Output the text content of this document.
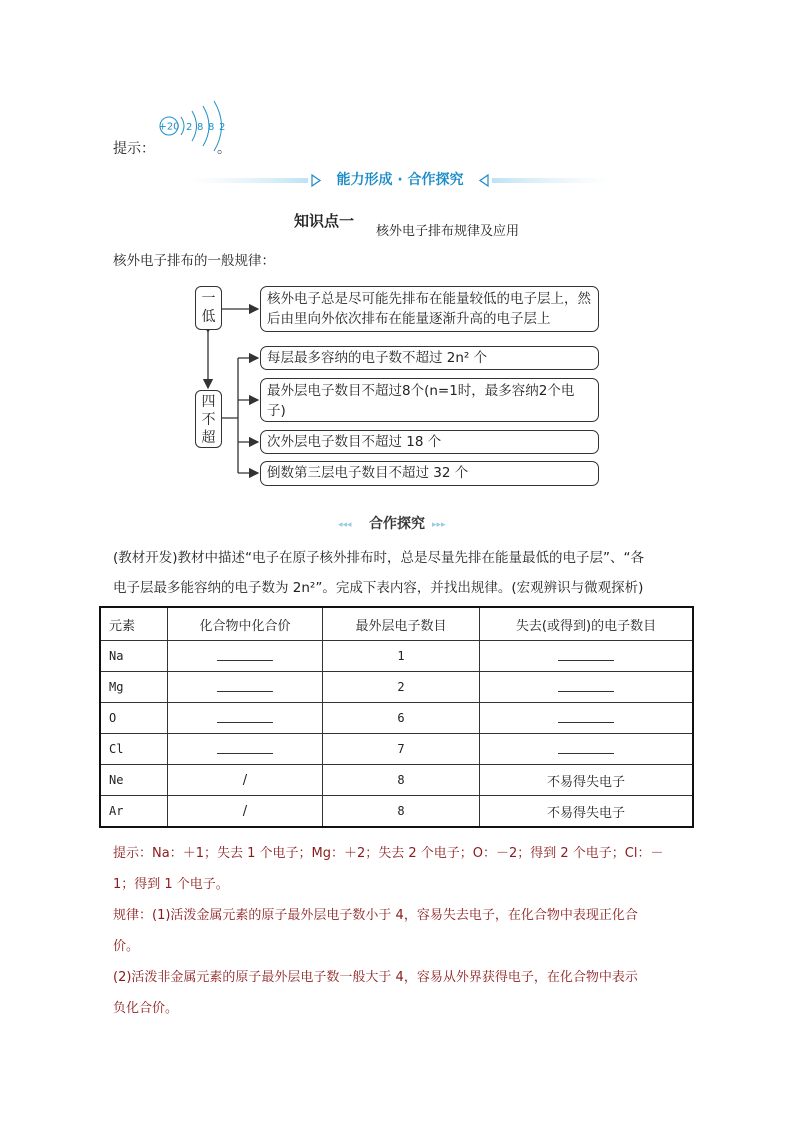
提示：	。
+20 2 8 8 2
能力形成 · 合作探究
知识点一
核外电子排布规律及应用
核外电子排布的一般规律：
一
低
核外电子总是尽可能先排布在能量较低的电子层上，然后由里向外依次排布在能量逐渐升高的电子层上
四
不
超
每层最多容纳的电子数不超过 2n² 个
最外层电子数目不超过8个(n=1时，最多容纳2个电子)
次外层电子数目不超过 18 个
倒数第三层电子数目不超过 32 个
◂◂◂	▸▸▸
合作探究
(教材开发)教材中描述“电子在原子核外排布时，总是尽量先排在能量最低的电子层”、“各
电子层最多能容纳的电子数为 2n²”。完成下表内容，并找出规律。(宏观辨识与微观探析)
元素	化合物中化合价	最外层电子数目	失去(或得到)的电子数目
Na		1	
Mg		2	
O		6	
Cl		7	
Ne	/	8	不易得失电子
Ar	/	8	不易得失电子
提示：Na：＋1；失去 1 个电子；Mg：＋2；失去 2 个电子；O：－2；得到 2 个电子；Cl：－
1；得到 1 个电子。
规律：(1)活泼金属元素的原子最外层电子数小于 4，容易失去电子，在化合物中表现正化合
价。
(2)活泼非金属元素的原子最外层电子数一般大于 4，容易从外界获得电子，在化合物中表示
负化合价。
